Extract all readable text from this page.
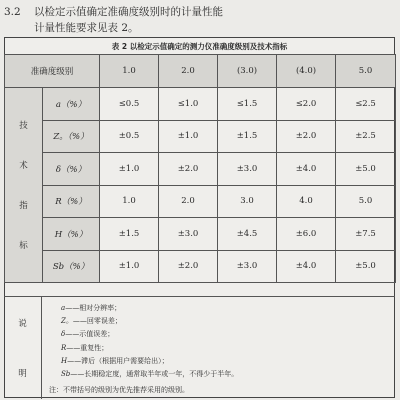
3.2 以检定示值确定准确度级别时的计量性能
计量性能要求见表 2。
表 2 以检定示值确定的测力仪准确度级别及技术指标
准确度级别		1.0	2.0	(3.0)	(4.0)	5.0

技
术
指
标	a（%）	≤0.5	≤1.0	≤1.5	≤2.0	≤2.5
	Z。（%）	±0.5	±1.0	±1.5	±2.0	±2.5
	δ（%）	±1.0	±2.0	±3.0	±4.0	±5.0
	R（%）	1.0	2.0	3.0	4.0	5.0
	H（%）	±1.5	±3.0	±4.5	±6.0	±7.5
	Sb（%）	±1.0	±2.0	±3.0	±4.0	±5.0
说
明
a——相对分辨率；
Z。——回零误差；
δ——示值误差；
R——重复性；
H——滞后（根据用户需要给出）；
Sb——长期稳定度，通常取半年或一年，不得少于半年。
注：不带括号的级别为优先推荐采用的级别。
